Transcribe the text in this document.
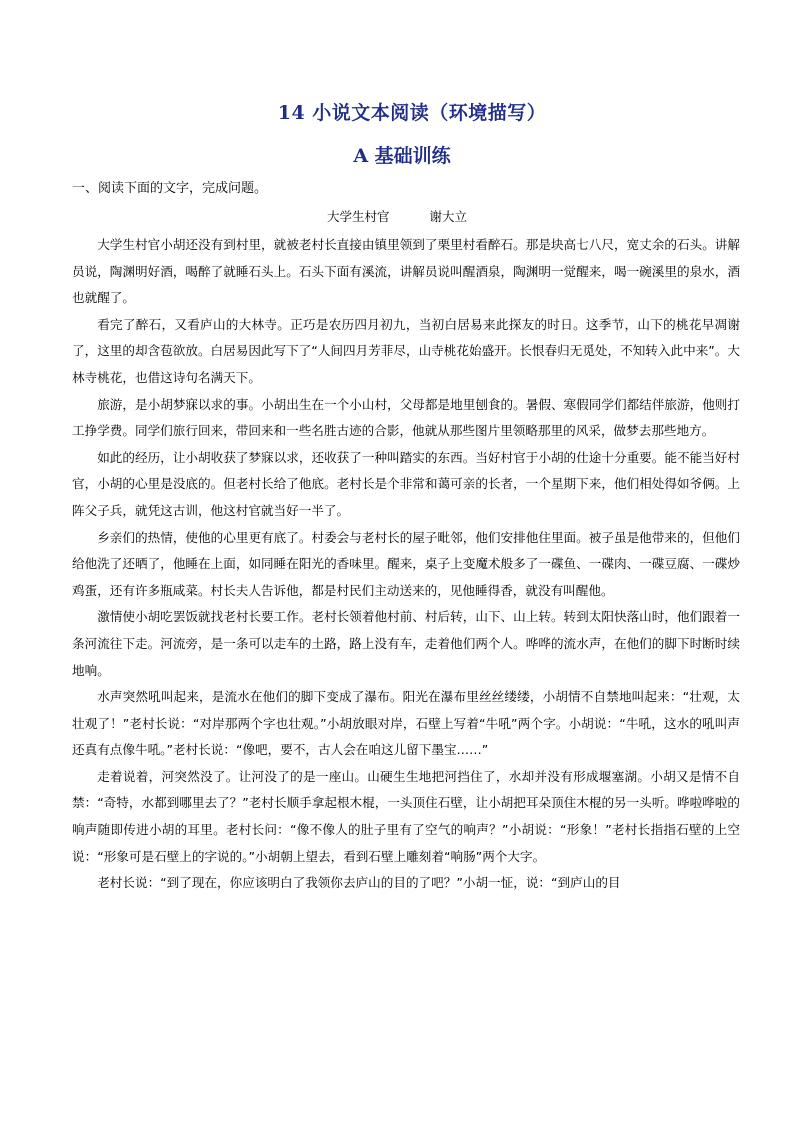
14 小说文本阅读（环境描写）
A 基础训练
一、阅读下面的文字，完成问题。
大学生村官	谢大立

大学生村官小胡还没有到村里，就被老村长直接由镇里领到了栗里村看醉石。那是块高七八尺，宽丈余的石头。讲解员说，陶渊明好酒，喝醉了就睡石头上。石头下面有溪流，讲解员说叫醒酒泉，陶渊明一觉醒来，喝一碗溪里的泉水，酒也就醒了。

看完了醉石，又看庐山的大林寺。正巧是农历四月初九，当初白居易来此探友的时日。这季节，山下的桃花早凋谢了，这里的却含苞欲放。白居易因此写下了“人间四月芳菲尽，山寺桃花始盛开。长恨春归无觅处，不知转入此中来”。大林寺桃花，也借这诗句名满天下。

旅游，是小胡梦寐以求的事。小胡出生在一个小山村，父母都是地里刨食的。暑假、寒假同学们都结伴旅游，他则打工挣学费。同学们旅行回来，带回来和一些名胜古迹的合影，他就从那些图片里领略那里的风采，做梦去那些地方。

如此的经历，让小胡收获了梦寐以求，还收获了一种叫踏实的东西。当好村官于小胡的仕途十分重要。能不能当好村官，小胡的心里是没底的。但老村长给了他底。老村长是个非常和蔼可亲的长者，一个星期下来，他们相处得如爷俩。上阵父子兵，就凭这古训，他这村官就当好一半了。

乡亲们的热情，使他的心里更有底了。村委会与老村长的屋子毗邻，他们安排他住里面。被子虽是他带来的，但他们给他洗了还晒了，他睡在上面，如同睡在阳光的香味里。醒来，桌子上变魔术般多了一碟鱼、一碟肉、一碟豆腐、一碟炒鸡蛋，还有许多瓶咸菜。村长夫人告诉他，都是村民们主动送来的，见他睡得香，就没有叫醒他。

激情使小胡吃罢饭就找老村长要工作。老村长领着他村前、村后转，山下、山上转。转到太阳快落山时，他们跟着一条河流往下走。河流旁，是一条可以走车的土路，路上没有车，走着他们两个人。哗哗的流水声，在他们的脚下时断时续地响。

水声突然吼叫起来，是流水在他们的脚下变成了瀑布。阳光在瀑布里丝丝缕缕，小胡情不自禁地叫起来：“壮观，太壮观了！”老村长说：“对岸那两个字也壮观。”小胡放眼对岸，石壁上写着“牛吼”两个字。小胡说：“牛吼，这水的吼叫声还真有点像牛吼。”老村长说：“像吧，要不，古人会在咱这儿留下墨宝……”

走着说着，河突然没了。让河没了的是一座山。山硬生生地把河挡住了，水却并没有形成堰塞湖。小胡又是情不自禁：“奇特，水都到哪里去了？”老村长顺手拿起根木棍，一头顶住石壁，让小胡把耳朵顶住木棍的另一头听。哗啦哗啦的响声随即传进小胡的耳里。老村长问：“像不像人的肚子里有了空气的响声？”小胡说：“形象！”老村长指指石壁的上空说：“形象可是石壁上的字说的。”小胡朝上望去，看到石壁上雕刻着“响肠”两个大字。

老村长说：“到了现在，你应该明白了我领你去庐山的目的了吧？”小胡一怔，说：“到庐山的目
